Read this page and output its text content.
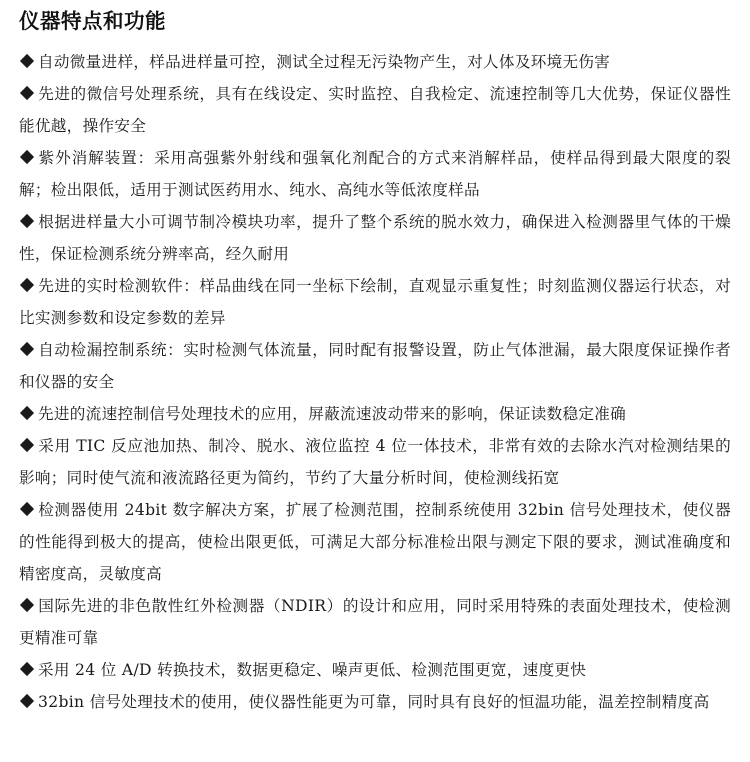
仪器特点和功能
自动微量进样，样品进样量可控，测试全过程无污染物产生，对人体及环境无伤害
先进的微信号处理系统，具有在线设定、实时监控、自我检定、流速控制等几大优势，保证仪器性能优越，操作安全
紫外消解装置：采用高强紫外射线和强氧化剂配合的方式来消解样品，使样品得到最大限度的裂解；检出限低，适用于测试医药用水、纯水、高纯水等低浓度样品
根据进样量大小可调节制冷模块功率，提升了整个系统的脱水效力，确保进入检测器里气体的干燥性，保证检测系统分辨率高，经久耐用
先进的实时检测软件：样品曲线在同一坐标下绘制，直观显示重复性；时刻监测仪器运行状态，对比实测参数和设定参数的差异
自动检漏控制系统：实时检测气体流量，同时配有报警设置，防止气体泄漏，最大限度保证操作者和仪器的安全
先进的流速控制信号处理技术的应用，屏蔽流速波动带来的影响，保证读数稳定准确
采用 TIC 反应池加热、制冷、脱水、液位监控 4 位一体技术，非常有效的去除水汽对检测结果的影响；同时使气流和液流路径更为简约，节约了大量分析时间，使检测线拓宽
检测器使用 24bit 数字解决方案，扩展了检测范围，控制系统使用 32bin 信号处理技术，使仪器的性能得到极大的提高，使检出限更低，可满足大部分标准检出限与测定下限的要求，测试准确度和精密度高，灵敏度高
国际先进的非色散性红外检测器（NDIR）的设计和应用，同时采用特殊的表面处理技术，使检测更精准可靠
采用 24 位 A/D 转换技术，数据更稳定、噪声更低、检测范围更宽，速度更快
32bin 信号处理技术的使用，使仪器性能更为可靠，同时具有良好的恒温功能，温差控制精度高
